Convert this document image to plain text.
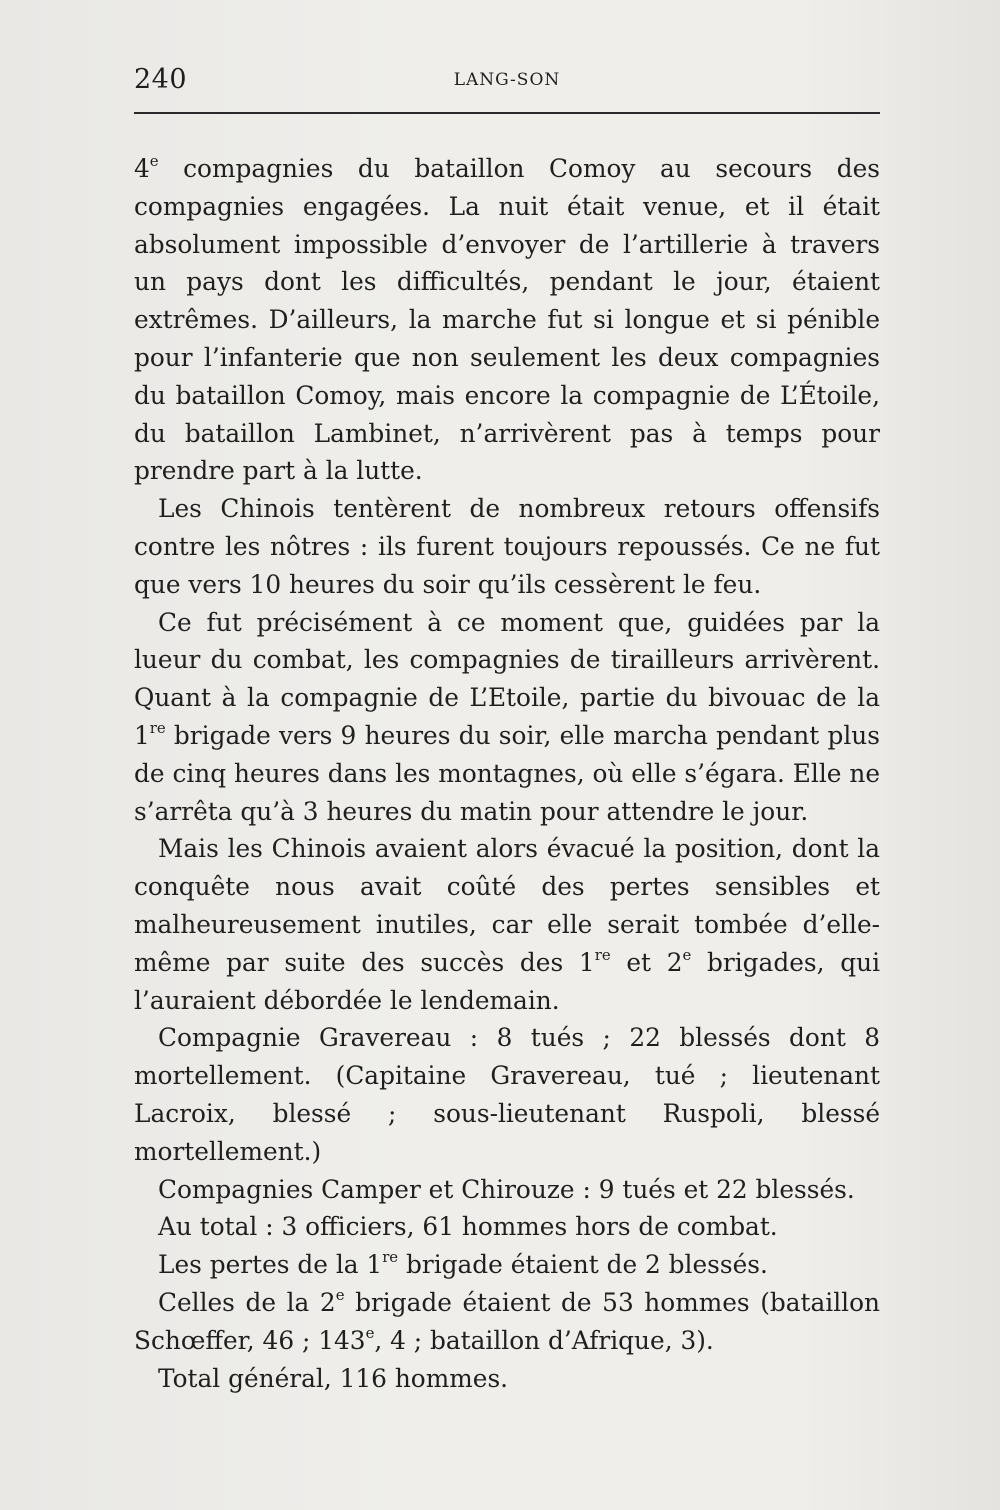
240	LANG-SON

4e compagnies du bataillon Comoy au secours des compagnies engagées. La nuit était venue, et il était absolument impossible d’envoyer de l’artillerie à travers un pays dont les difficultés, pendant le jour, étaient extrêmes. D’ailleurs, la marche fut si longue et si pénible pour l’infanterie que non seulement les deux compagnies du bataillon Comoy, mais encore la compagnie de L’Étoile, du bataillon Lambinet, n’arrivèrent pas à temps pour prendre part à la lutte.

Les Chinois tentèrent de nombreux retours offensifs contre les nôtres : ils furent toujours repoussés. Ce ne fut que vers 10 heures du soir qu’ils cessèrent le feu.

Ce fut précisément à ce moment que, guidées par la lueur du combat, les compagnies de tirailleurs arrivèrent. Quant à la compagnie de L’Etoile, partie du bivouac de la 1re brigade vers 9 heures du soir, elle marcha pendant plus de cinq heures dans les montagnes, où elle s’égara. Elle ne s’arrêta qu’à 3 heures du matin pour attendre le jour.

Mais les Chinois avaient alors évacué la position, dont la conquête nous avait coûté des pertes sensibles et malheureusement inutiles, car elle serait tombée d’elle-même par suite des succès des 1re et 2e brigades, qui l’auraient débordée le lendemain.

Compagnie Gravereau : 8 tués ; 22 blessés dont 8 mortellement. (Capitaine Gravereau, tué ; lieutenant Lacroix, blessé ; sous-lieutenant Ruspoli, blessé mortellement.)

Compagnies Camper et Chirouze : 9 tués et 22 blessés.

Au total : 3 officiers, 61 hommes hors de combat.

Les pertes de la 1re brigade étaient de 2 blessés.

Celles de la 2e brigade étaient de 53 hommes (bataillon Schœffer, 46 ; 143e, 4 ; bataillon d’Afrique, 3).

Total général, 116 hommes.
